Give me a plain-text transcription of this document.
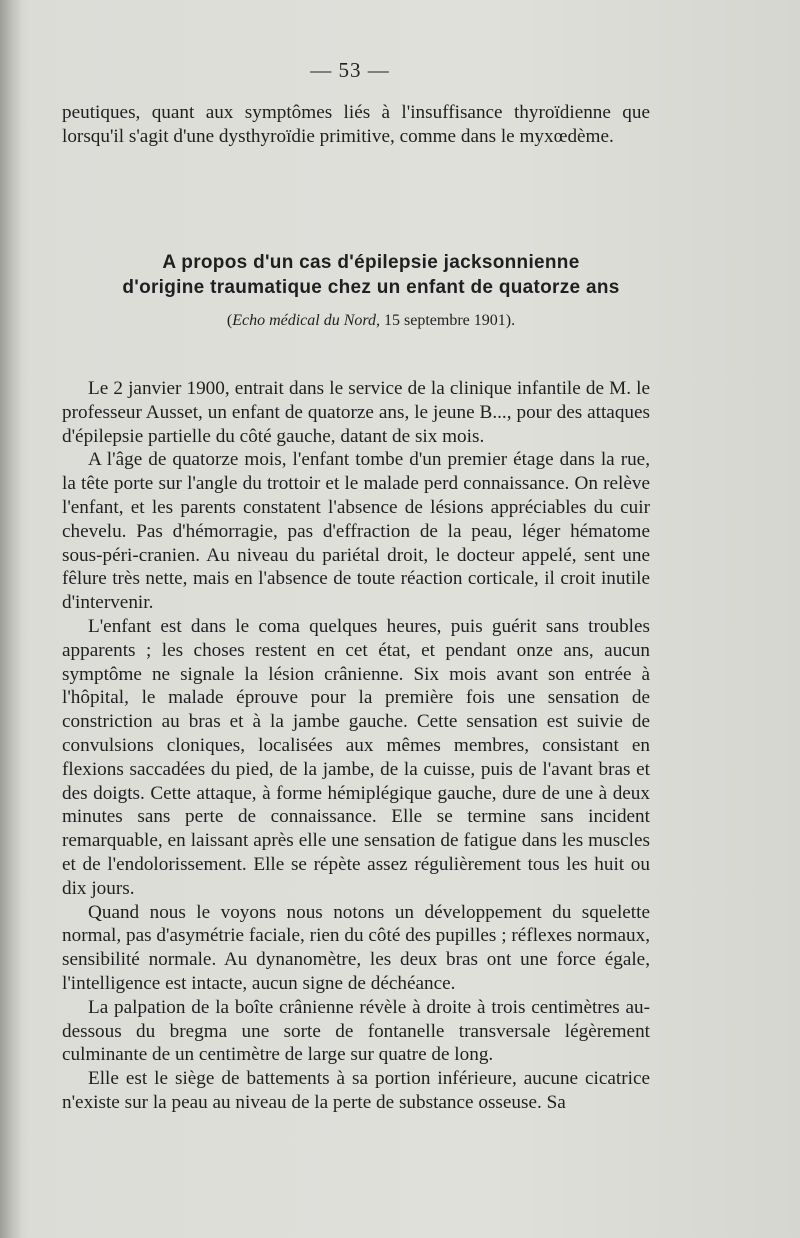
— 53 —

peutiques, quant aux symptômes liés à l'insuffisance thyroïdienne que lorsqu'il s'agit d'une dysthyroïdie primitive, comme dans le myxœdème.

A propos d'un cas d'épilepsie jacksonnienne
d'origine traumatique chez un enfant de quatorze ans
(Echo médical du Nord, 15 septembre 1901).

Le 2 janvier 1900, entrait dans le service de la clinique infantile de M. le professeur Ausset, un enfant de quatorze ans, le jeune B..., pour des attaques d'épilepsie partielle du côté gauche, datant de six mois.

A l'âge de quatorze mois, l'enfant tombe d'un premier étage dans la rue, la tête porte sur l'angle du trottoir et le malade perd connaissance. On relève l'enfant, et les parents constatent l'absence de lésions appréciables du cuir chevelu. Pas d'hémorragie, pas d'effraction de la peau, léger hématome sous-péri-cranien. Au niveau du pariétal droit, le docteur appelé, sent une fêlure très nette, mais en l'absence de toute réaction corticale, il croit inutile d'intervenir.

L'enfant est dans le coma quelques heures, puis guérit sans troubles apparents ; les choses restent en cet état, et pendant onze ans, aucun symptôme ne signale la lésion crânienne. Six mois avant son entrée à l'hôpital, le malade éprouve pour la première fois une sensation de constriction au bras et à la jambe gauche. Cette sensation est suivie de convulsions cloniques, localisées aux mêmes membres, consistant en flexions saccadées du pied, de la jambe, de la cuisse, puis de l'avant bras et des doigts. Cette attaque, à forme hémiplégique gauche, dure de une à deux minutes sans perte de connaissance. Elle se termine sans incident remarquable, en laissant après elle une sensation de fatigue dans les muscles et de l'endolorissement. Elle se répète assez régulièrement tous les huit ou dix jours.

Quand nous le voyons nous notons un développement du squelette normal, pas d'asymétrie faciale, rien du côté des pupilles ; réflexes normaux, sensibilité normale. Au dynanomètre, les deux bras ont une force égale, l'intelligence est intacte, aucun signe de déchéance.

La palpation de la boîte crânienne révèle à droite à trois centimètres au-dessous du bregma une sorte de fontanelle transversale légèrement culminante de un centimètre de large sur quatre de long.

Elle est le siège de battements à sa portion inférieure, aucune cicatrice n'existe sur la peau au niveau de la perte de substance osseuse. Sa
